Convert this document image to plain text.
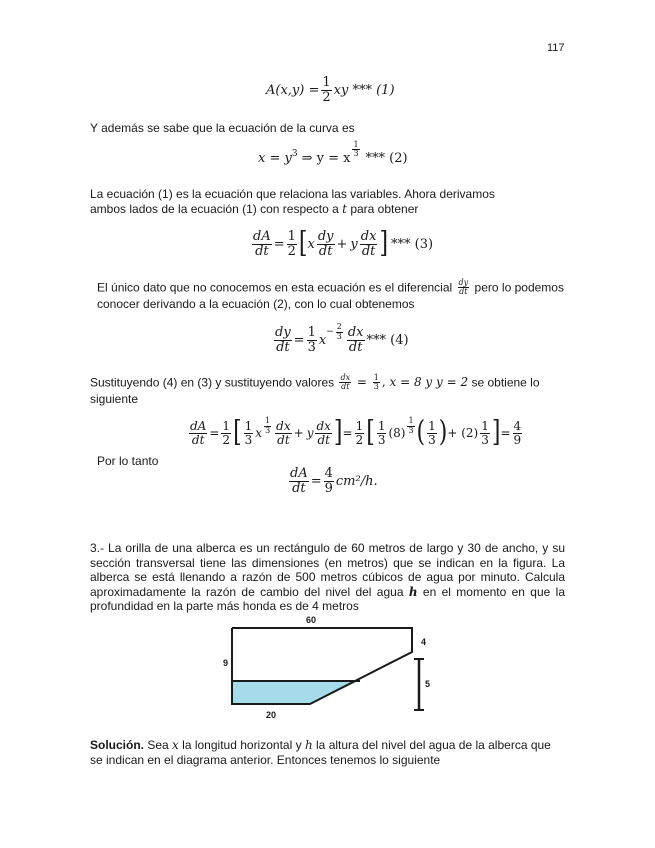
117
$A(x,y) = \frac{1}{2}$ xy *** (1)
Y además se sabe que la ecuación de la curva es
$x = y^3$ ⇒ y = x
$\frac{1}{3}$
*** (2)
La ecuación (1) es la ecuación que relaciona las variables. Ahora derivamos
ambos lados de la ecuación (1) con respecto a t para obtener
$\frac{dA}{dt} = \frac{1}{2}$ [ x $\frac{dy}{dt} + y \frac{dx}{dt}$ ] *** (3)
El único dato que no conocemos en esta ecuación es el diferencial $\frac{dy}{dt}$ pero lo podemos conocer derivando a la ecuación (2), con lo cual obtenemos
$\frac{dy}{dt} = \frac{1}{3}$ x
− $\frac{2}{3} \frac{dx}{dt}$ *** (4)
Sustituyendo (4) en (3) y sustituyendo valores $\frac{dx}{dt} = \frac{1}{3}$ , x = 8 y y = 2 se obtiene lo siguiente
$\frac{dA}{dt} = \frac{1}{2}$ [ $\frac{1}{3}$ x $\frac{1}{3} \frac{dx}{dt} + y \frac{dx}{dt}$ ] = $\frac{1}{2}$ [ $\frac{1}{3} (8) \frac{1}{3}$ ( $\frac{1}{3}$ ) + $(2) \frac{1}{3}$ ] = $\frac{4}{9}$
Por lo tanto
$\frac{dA}{dt} = \frac{4}{9} cm^2/h$.
3.- La orilla de una alberca es un rectángulo de 60 metros de largo y 30 de ancho, y su sección transversal tiene las dimensiones (en metros) que se indican en la figura. La alberca se está llenando a razón de 500 metros cúbicos de agua por minuto. Calcula aproximadamente la razón de cambio del nivel del agua h en el momento en que la profundidad en la parte más honda es de 4 metros
60
4
9
5
20
Solución. Sea x la longitud horizontal y h la altura del nivel del agua de la alberca que se indican en el diagrama anterior. Entonces tenemos lo siguiente
